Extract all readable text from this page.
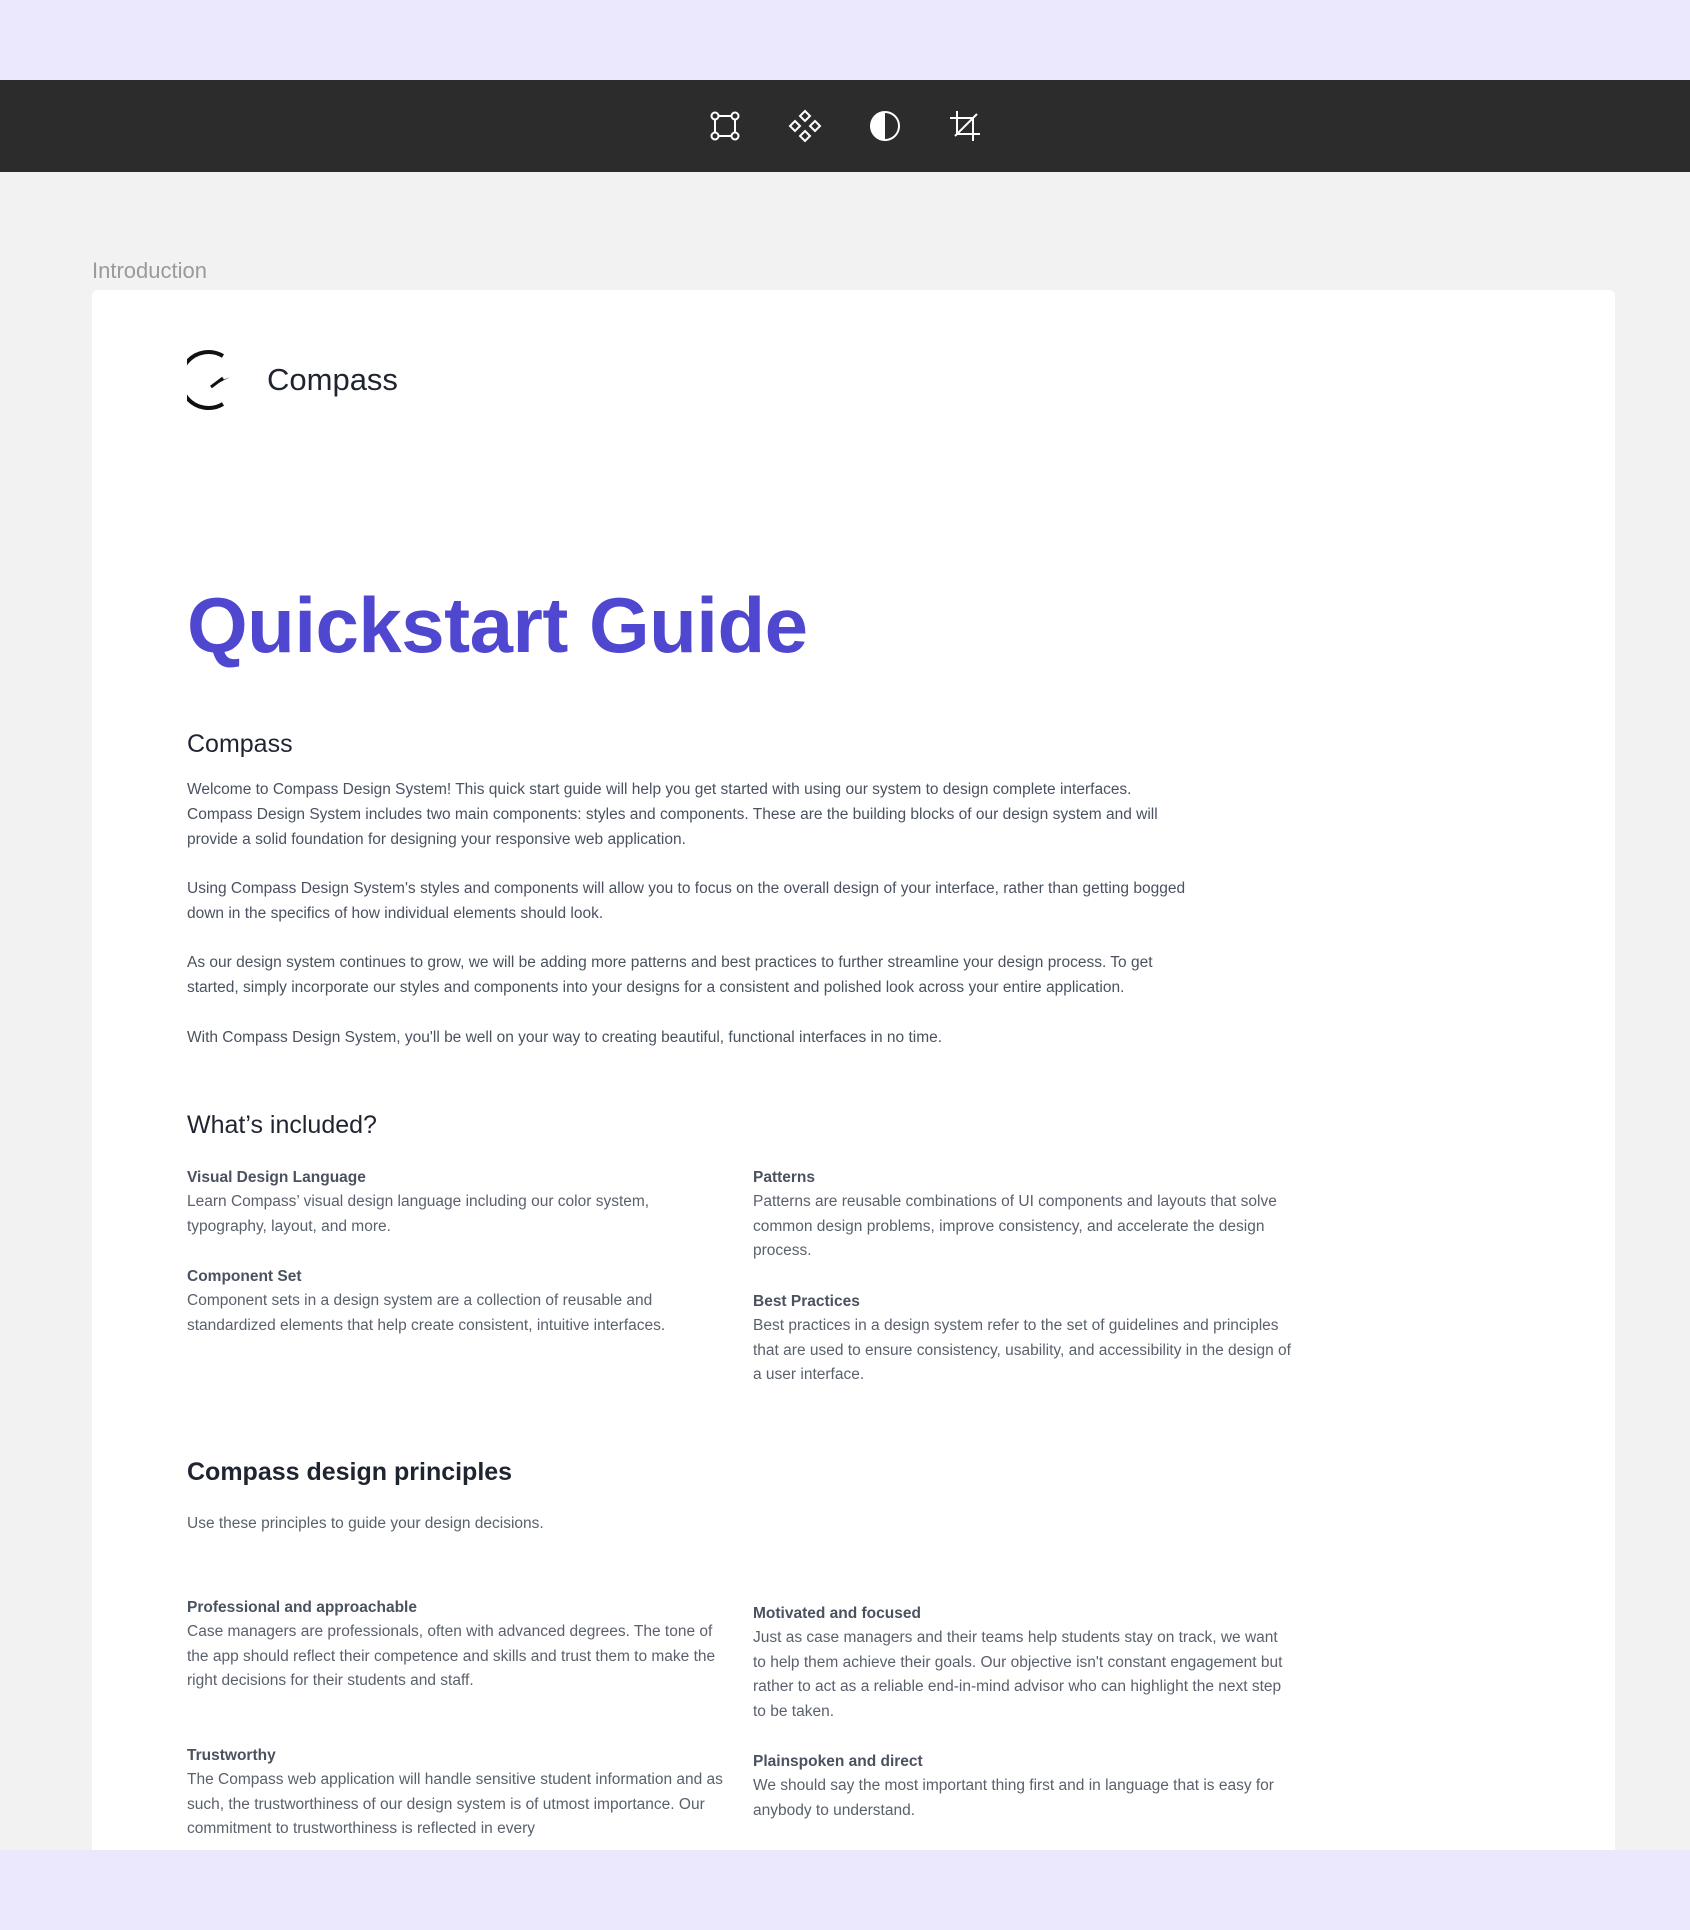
Introduction
Compass
Quickstart Guide
Compass
Welcome to Compass Design System! This quick start guide will help you get started with using our system to design complete interfaces. Compass Design System includes two main components: styles and components. These are the building blocks of our design system and will provide a solid foundation for designing your responsive web application.
Using Compass Design System's styles and components will allow you to focus on the overall design of your interface, rather than getting bogged down in the specifics of how individual elements should look.
As our design system continues to grow, we will be adding more patterns and best practices to further streamline your design process. To get started, simply incorporate our styles and components into your designs for a consistent and polished look across your entire application.
With Compass Design System, you'll be well on your way to creating beautiful, functional interfaces in no time.
What’s included?
Visual Design Language
Learn Compass’ visual design language including our color system, typography, layout, and more.
Component Set
Component sets in a design system are a collection of reusable and standardized elements that help create consistent, intuitive interfaces.
Patterns
Patterns are reusable combinations of UI components and layouts that solve common design problems, improve consistency, and accelerate the design process.
Best Practices
Best practices in a design system refer to the set of guidelines and principles that are used to ensure consistency, usability, and accessibility in the design of a user interface.
Compass design principles
Use these principles to guide your design decisions.
Professional and approachable
Case managers are professionals, often with advanced degrees. The tone of the app should reflect their competence and skills and trust them to make the right decisions for their students and staff.
Trustworthy
The Compass web application will handle sensitive student information and as such, the trustworthiness of our design system is of utmost importance. Our commitment to trustworthiness is reflected in every
Motivated and focused
Just as case managers and their teams help students stay on track, we want to help them achieve their goals. Our objective isn't constant engagement but rather to act as a reliable end-in-mind advisor who can highlight the next step to be taken.
Plainspoken and direct
We should say the most important thing first and in language that is easy for anybody to understand.
